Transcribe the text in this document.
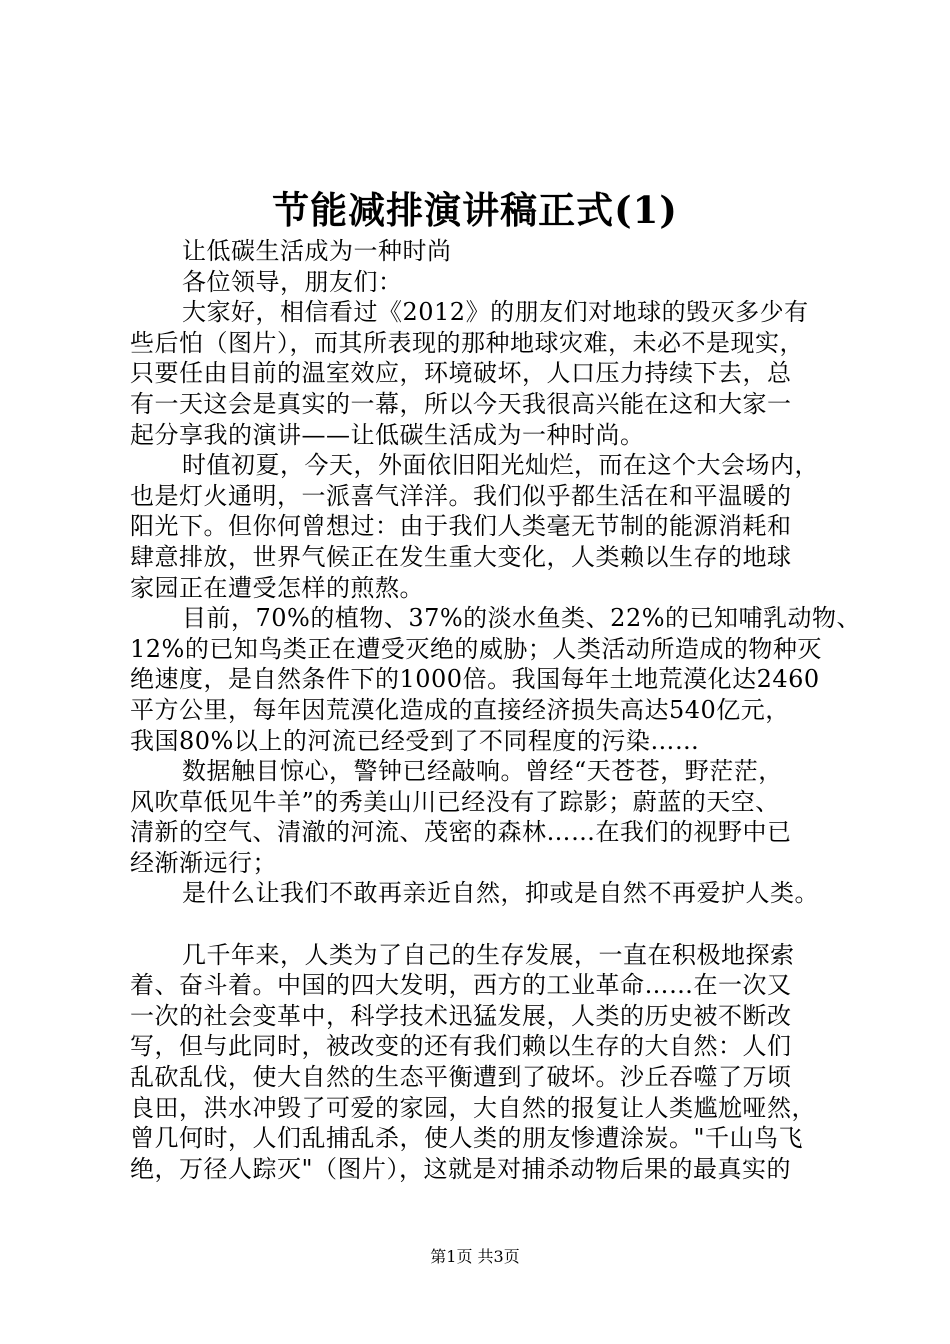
节能减排演讲稿正式(1)
让低碳生活成为一种时尚
各位领导，朋友们：
大家好，相信看过《2012》的朋友们对地球的毁灭多少有
些后怕（图片），而其所表现的那种地球灾难，未必不是现实，
只要任由目前的温室效应，环境破坏，人口压力持续下去，总
有一天这会是真实的一幕，所以今天我很高兴能在这和大家一
起分享我的演讲——让低碳生活成为一种时尚。
时值初夏，今天，外面依旧阳光灿烂，而在这个大会场内，
也是灯火通明，一派喜气洋洋。我们似乎都生活在和平温暖的
阳光下。但你何曾想过：由于我们人类毫无节制的能源消耗和
肆意排放，世界气候正在发生重大变化，人类赖以生存的地球
家园正在遭受怎样的煎熬。
目前，70%的植物、37%的淡水鱼类、22%的已知哺乳动物、
12%的已知鸟类正在遭受灭绝的威胁；人类活动所造成的物种灭
绝速度，是自然条件下的1000倍。我国每年土地荒漠化达2460
平方公里，每年因荒漠化造成的直接经济损失高达540亿元，
我国80%以上的河流已经受到了不同程度的污染……
数据触目惊心，警钟已经敲响。曾经“天苍苍，野茫茫，
风吹草低见牛羊”的秀美山川已经没有了踪影；蔚蓝的天空、
清新的空气、清澈的河流、茂密的森林……在我们的视野中已
经渐渐远行；
是什么让我们不敢再亲近自然，抑或是自然不再爱护人类。
几千年来，人类为了自己的生存发展，一直在积极地探索
着、奋斗着。中国的四大发明，西方的工业革命……在一次又
一次的社会变革中，科学技术迅猛发展，人类的历史被不断改
写，但与此同时，被改变的还有我们赖以生存的大自然：人们
乱砍乱伐，使大自然的生态平衡遭到了破坏。沙丘吞噬了万顷
良田，洪水冲毁了可爱的家园，大自然的报复让人类尴尬哑然，
曾几何时，人们乱捕乱杀，使人类的朋友惨遭涂炭。"千山鸟飞
绝，万径人踪灭"（图片），这就是对捕杀动物后果的最真实的
第1页 共3页
